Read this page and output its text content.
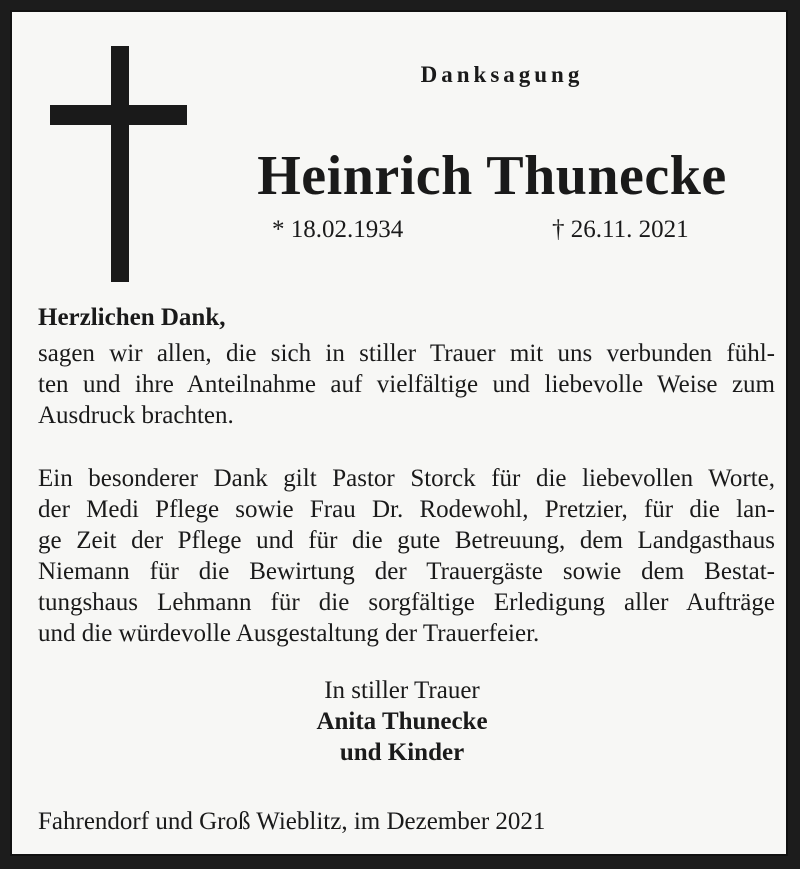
Danksagung
Heinrich Thunecke
* 18.02.1934	† 26.11. 2021
Herzlichen Dank,
sagen wir allen, die sich in stiller Trauer mit uns verbunden fühl-
ten und ihre Anteilnahme auf vielfältige und liebevolle Weise zum
Ausdruck brachten.
Ein besonderer Dank gilt Pastor Storck für die liebevollen Worte,
der Medi Pflege sowie Frau Dr. Rodewohl, Pretzier, für die lan-
ge Zeit der Pflege und für die gute Betreuung, dem Landgasthaus
Niemann für die Bewirtung der Trauergäste sowie dem Bestat-
tungshaus Lehmann für die sorgfältige Erledigung aller Aufträge
und die würdevolle Ausgestaltung der Trauerfeier.
In stiller Trauer
Anita Thunecke
und Kinder
Fahrendorf und Groß Wieblitz, im Dezember 2021
